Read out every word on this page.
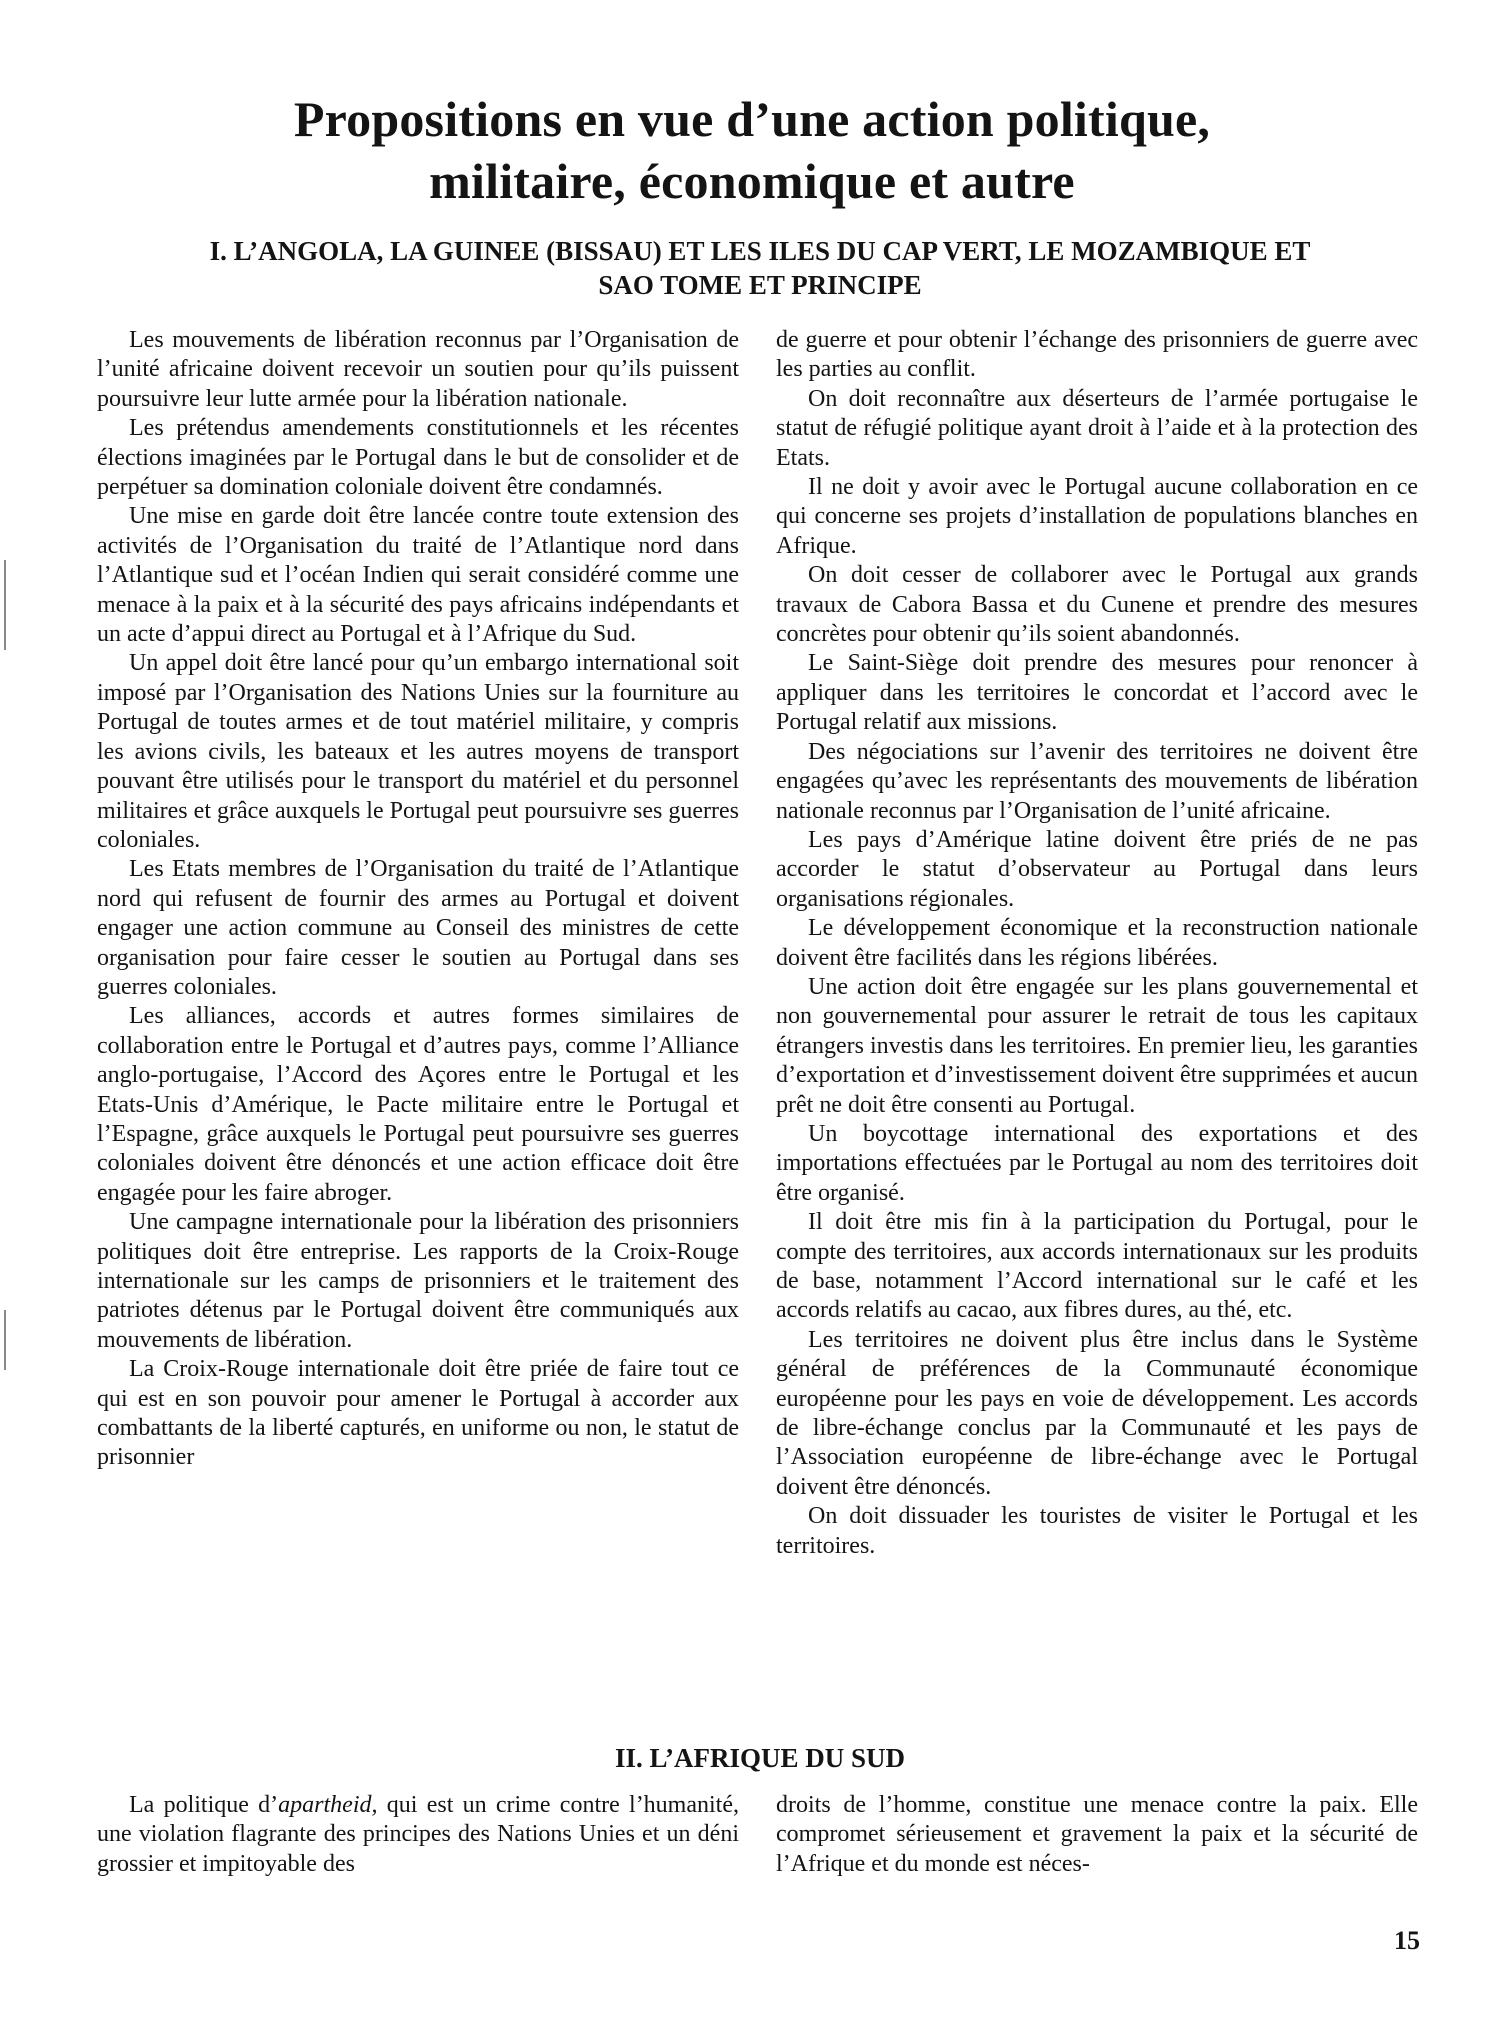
Propositions en vue d’une action politique,
militaire, économique et autre
I. L’ANGOLA, LA GUINEE (BISSAU) ET LES ILES DU CAP VERT, LE MOZAMBIQUE ET
SAO TOME ET PRINCIPE

Les mouvements de libération reconnus par l’Organisation de l’unité africaine doivent recevoir un soutien pour qu’ils puissent poursuivre leur lutte armée pour la libération nationale.

Les prétendus amendements constitutionnels et les récentes élections imaginées par le Portugal dans le but de consolider et de perpétuer sa domination coloniale doivent être condamnés.

Une mise en garde doit être lancée contre toute extension des activités de l’Organisation du traité de l’Atlantique nord dans l’Atlantique sud et l’océan Indien qui serait considéré comme une menace à la paix et à la sécurité des pays africains indépendants et un acte d’appui direct au Portugal et à l’Afrique du Sud.

Un appel doit être lancé pour qu’un embargo international soit imposé par l’Organisation des Nations Unies sur la fourniture au Portugal de toutes armes et de tout matériel militaire, y compris les avions civils, les bateaux et les autres moyens de transport pouvant être utilisés pour le transport du matériel et du personnel militaires et grâce auxquels le Portugal peut poursuivre ses guerres coloniales.

Les Etats membres de l’Organisation du traité de l’Atlantique nord qui refusent de fournir des armes au Portugal et doivent engager une action commune au Conseil des ministres de cette organisation pour faire cesser le soutien au Portugal dans ses guerres coloniales.

Les alliances, accords et autres formes similaires de collaboration entre le Portugal et d’autres pays, comme l’Alliance anglo-portugaise, l’Accord des Açores entre le Portugal et les Etats-Unis d’Amérique, le Pacte militaire entre le Portugal et l’Espagne, grâce auxquels le Portugal peut poursuivre ses guerres coloniales doivent être dénoncés et une action efficace doit être engagée pour les faire abroger.

Une campagne internationale pour la libération des prisonniers politiques doit être entreprise. Les rapports de la Croix-Rouge internationale sur les camps de prisonniers et le traitement des patriotes détenus par le Portugal doivent être communiqués aux mouvements de libération.

La Croix-Rouge internationale doit être priée de faire tout ce qui est en son pouvoir pour amener le Portugal à accorder aux combattants de la liberté capturés, en uniforme ou non, le statut de prisonnier

de guerre et pour obtenir l’échange des prisonniers de guerre avec les parties au conflit.

On doit reconnaître aux déserteurs de l’armée portugaise le statut de réfugié politique ayant droit à l’aide et à la protection des Etats.

Il ne doit y avoir avec le Portugal aucune collaboration en ce qui concerne ses projets d’installation de populations blanches en Afrique.

On doit cesser de collaborer avec le Portugal aux grands travaux de Cabora Bassa et du Cunene et prendre des mesures concrètes pour obtenir qu’ils soient abandonnés.

Le Saint-Siège doit prendre des mesures pour renoncer à appliquer dans les territoires le concordat et l’accord avec le Portugal relatif aux missions.

Des négociations sur l’avenir des territoires ne doivent être engagées qu’avec les représentants des mouvements de libération nationale reconnus par l’Organisation de l’unité africaine.

Les pays d’Amérique latine doivent être priés de ne pas accorder le statut d’observateur au Portugal dans leurs organisations régionales.

Le développement économique et la reconstruction nationale doivent être facilités dans les régions libérées.

Une action doit être engagée sur les plans gouvernemental et non gouvernemental pour assurer le retrait de tous les capitaux étrangers investis dans les territoires. En premier lieu, les garanties d’exportation et d’investissement doivent être supprimées et aucun prêt ne doit être consenti au Portugal.

Un boycottage international des exportations et des importations effectuées par le Portugal au nom des territoires doit être organisé.

Il doit être mis fin à la participation du Portugal, pour le compte des territoires, aux accords internationaux sur les produits de base, notamment l’Accord international sur le café et les accords relatifs au cacao, aux fibres dures, au thé, etc.

Les territoires ne doivent plus être inclus dans le Système général de préférences de la Communauté économique européenne pour les pays en voie de développement. Les accords de libre-échange conclus par la Communauté et les pays de l’Association européenne de libre-échange avec le Portugal doivent être dénoncés.

On doit dissuader les touristes de visiter le Portugal et les territoires.

II. L’AFRIQUE DU SUD

La politique d’apartheid, qui est un crime contre l’humanité, une violation flagrante des principes des Nations Unies et un déni grossier et impitoyable des

droits de l’homme, constitue une menace contre la paix. Elle compromet sérieusement et gravement la paix et la sécurité de l’Afrique et du monde est néces-

15
